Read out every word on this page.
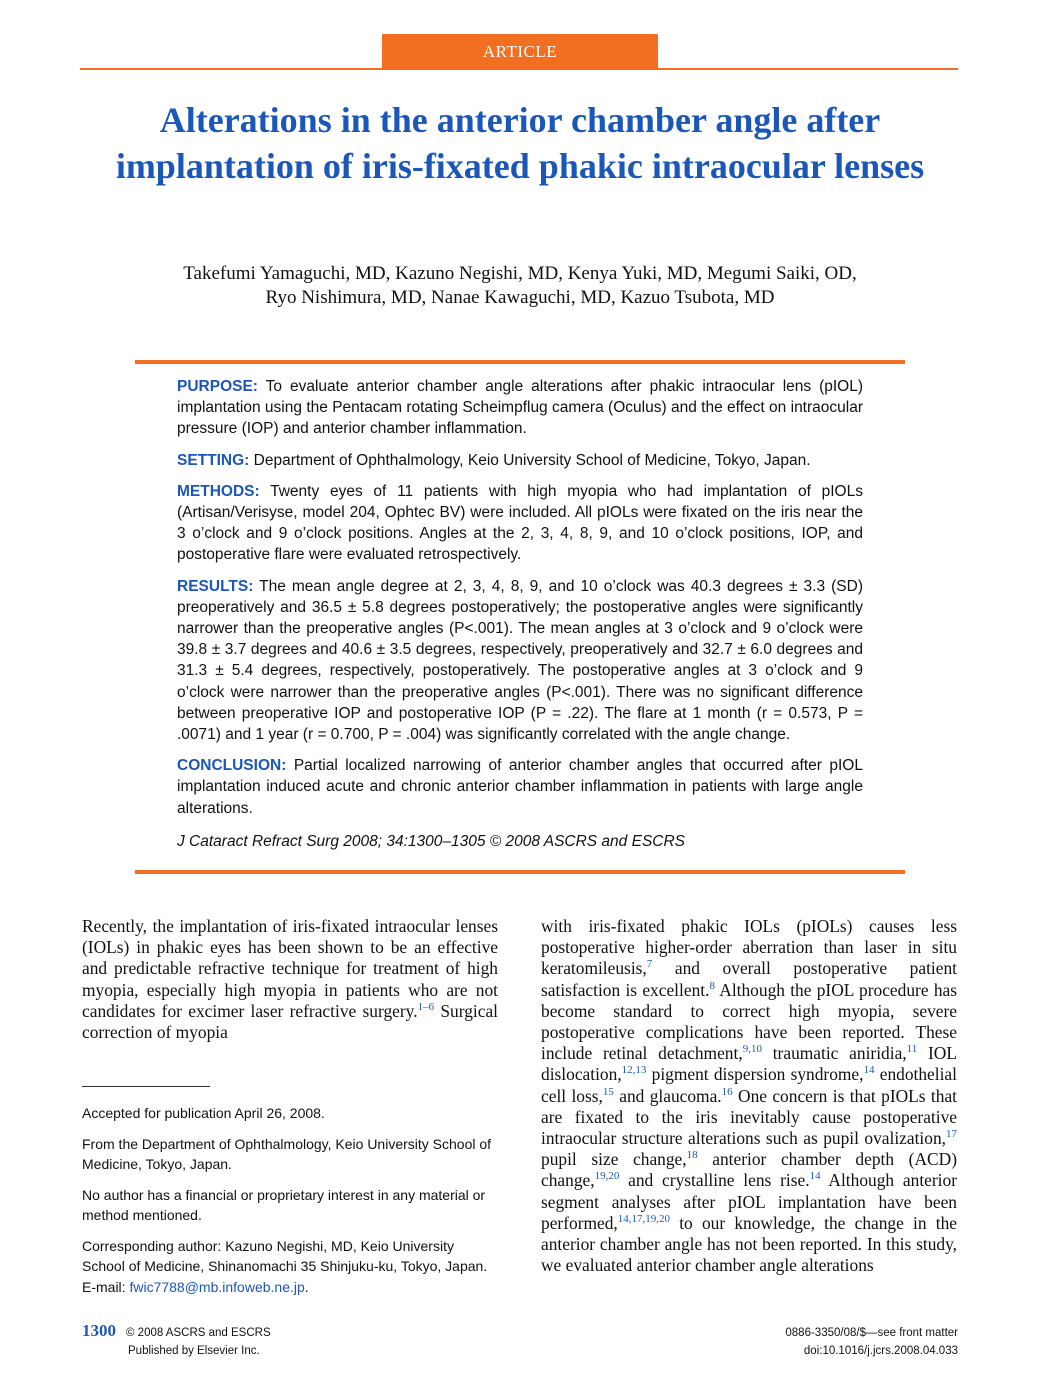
ARTICLE
Alterations in the anterior chamber angle after implantation of iris-fixated phakic intraocular lenses
Takefumi Yamaguchi, MD, Kazuno Negishi, MD, Kenya Yuki, MD, Megumi Saiki, OD,
Ryo Nishimura, MD, Nanae Kawaguchi, MD, Kazuo Tsubota, MD

PURPOSE: To evaluate anterior chamber angle alterations after phakic intraocular lens (pIOL) implantation using the Pentacam rotating Scheimpflug camera (Oculus) and the effect on intraocular pressure (IOP) and anterior chamber inflammation.

SETTING: Department of Ophthalmology, Keio University School of Medicine, Tokyo, Japan.

METHODS: Twenty eyes of 11 patients with high myopia who had implantation of pIOLs (Artisan/Verisyse, model 204, Ophtec BV) were included. All pIOLs were fixated on the iris near the 3 o’clock and 9 o’clock positions. Angles at the 2, 3, 4, 8, 9, and 10 o’clock positions, IOP, and postoperative flare were evaluated retrospectively.

RESULTS: The mean angle degree at 2, 3, 4, 8, 9, and 10 o’clock was 40.3 degrees ± 3.3 (SD) preoperatively and 36.5 ± 5.8 degrees postoperatively; the postoperative angles were significantly narrower than the preoperative angles (P<.001). The mean angles at 3 o’clock and 9 o’clock were 39.8 ± 3.7 degrees and 40.6 ± 3.5 degrees, respectively, preoperatively and 32.7 ± 6.0 degrees and 31.3 ± 5.4 degrees, respectively, postoperatively. The postoperative angles at 3 o’clock and 9 o’clock were narrower than the preoperative angles (P<.001). There was no significant difference between preoperative IOP and postoperative IOP (P = .22). The flare at 1 month (r = 0.573, P = .0071) and 1 year (r = 0.700, P = .004) was significantly correlated with the angle change.

CONCLUSION: Partial localized narrowing of anterior chamber angles that occurred after pIOL implantation induced acute and chronic anterior chamber inflammation in patients with large angle alterations.

J Cataract Refract Surg 2008; 34:1300–1305 © 2008 ASCRS and ESCRS

Recently, the implantation of iris-fixated intraocular lenses (IOLs) in phakic eyes has been shown to be an effective and predictable refractive technique for treatment of high myopia, especially high myopia in patients who are not candidates for excimer laser refractive surgery.$^{1-6}$ Surgical correction of myopia

Accepted for publication April 26, 2008.

From the Department of Ophthalmology, Keio University School of Medicine, Tokyo, Japan.

No author has a financial or proprietary interest in any material or method mentioned.

Corresponding author: Kazuno Negishi, MD, Keio University School of Medicine, Shinanomachi 35 Shinjuku-ku, Tokyo, Japan. E-mail: fwic7788@mb.infoweb.ne.jp.

with iris-fixated phakic IOLs (pIOLs) causes less postoperative higher-order aberration than laser in situ keratomileusis,$^7$ and overall postoperative patient satisfaction is excellent.$^8$ Although the pIOL procedure has become standard to correct high myopia, severe postoperative complications have been reported. These include retinal detachment,$^{9,10}$ traumatic aniridia,$^{11}$ IOL dislocation,$^{12,13}$ pigment dispersion syndrome,$^{14}$ endothelial cell loss,$^{15}$ and glaucoma.$^{16}$ One concern is that pIOLs that are fixated to the iris inevitably cause postoperative intraocular structure alterations such as pupil ovalization,$^{17}$ pupil size change,$^{18}$ anterior chamber depth (ACD) change,$^{19,20}$ and crystalline lens rise.$^{14}$ Although anterior segment analyses after pIOL implantation have been performed,$^{14,17,19,20}$ to our knowledge, the change in the anterior chamber angle has not been reported. In this study, we evaluated anterior chamber angle alterations

1300 © 2008 ASCRS and ESCRS
Published by Elsevier Inc.
0886-3350/08/$—see front matter
doi:10.1016/j.jcrs.2008.04.033
